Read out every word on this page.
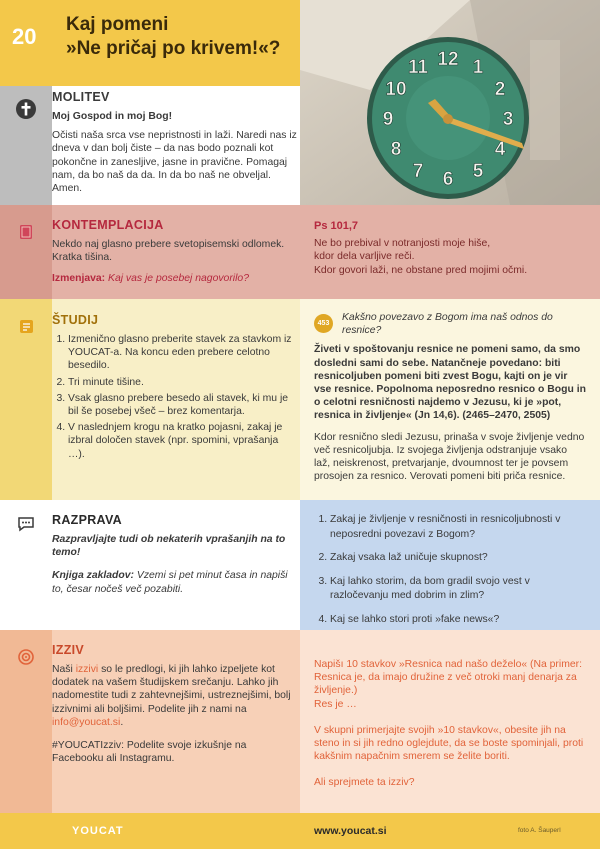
20 Kaj pomeni
»Ne pričaj po krivem!«?
12
11 1
10	2
9	3
8	4
7	5
6
MOLITEV

Moj Gospod in moj Bog!

Očisti naša srca vse nepristnosti in laži. Naredi nas iz dneva v dan bolj čiste – da nas bodo poznali kot pokončne in zanesljive, jasne in pravične. Pomagaj nam, da bo naš da da. In da bo naš ne obveljal. Amen.

KONTEMPLACIJA

Nekdo naj glasno prebere svetopisemski odlomek. Kratka tišina.

Izmenjava: Kaj vas je posebej nagovorilo?

Ps 101,7

Ne bo prebival v notranjosti moje hiše,

kdor dela varljive reči.

Kdor govori laži, ne obstane pred mojimi očmi.

ŠTUDIJ
1. Izmenično glasno preberite stavek za stavkom iz YOUCAT-a. Na koncu eden prebere celotno besedilo.
2. Tri minute tišine.
3. Vsak glasno prebere besedo ali stavek, ki mu je bil še posebej všeč – brez komentarja.
4. V naslednjem krogu na kratko pojasni, zakaj je izbral določen stavek (npr. spomini, vprašanja …).
453

Kakšno povezavo z Bogom ima naš odnos do resnice?

Živeti v spoštovanju resnice ne pomeni samo, da smo dosledni sami do sebe. Natančneje povedano: biti resnicoljuben pomeni biti zvest Bogu, kajti on je vir vse resnice. Popolnoma neposredno resnico o Bogu in o celotni resničnosti najdemo v Jezusu, ki je »pot, resnica in življenje« (Jn 14,6). (2465–2470, 2505)

Kdor resnično sledi Jezusu, prinaša v svoje življenje vedno več resnicoljubja. Iz svojega življenja odstranjuje vsako laž, neiskrenost, pretvarjanje, dvoumnost ter je povsem prosojen za resnico. Verovati pomeni biti priča resnice.

RAZPRAVA

Razpravljajte tudi ob nekaterih vprašanjih na to temo!

Knjiga zakladov: Vzemi si pet minut časa in napiši to, česar nočeš več pozabiti.

1. Zakaj je življenje v resničnosti in resnicoljubnosti v neposredni povezavi z Bogom?
2. Zakaj vsaka laž uničuje skupnost?
3. Kaj lahko storim, da bom gradil svojo vest v razločevanju med dobrim in zlim?
4. Kaj se lahko stori proti »fake news«?
IZZIV

Naši izzivi so le predlogi, ki jih lahko izpeljete kot dodatek na vašem študijskem srečanju. Lahko jih nadomestite tudi z zahtevnejšimi, ustreznejšimi, bolj izzivnimi ali boljšimi. Podelite jih z nami na info@youcat.si.

#YOUCATIzziv: Podelite svoje izkušnje na Facebooku ali Instagramu.

Napišı 10 stavkov »Resnica nad našo deželo« (Na primer: Resnica je, da imajo družine z več otroki manj denarja za življenje.)

Res je …

V skupni primerjajte svojih »10 stavkov«, obesite jih na steno in si jih redno oglejdute, da se boste spominjali, proti kakšnim napačnim smerem se želite boriti.

Ali sprejmete ta izziv?

YOUCAT	www.youcat.si	foto A. Šauperl
